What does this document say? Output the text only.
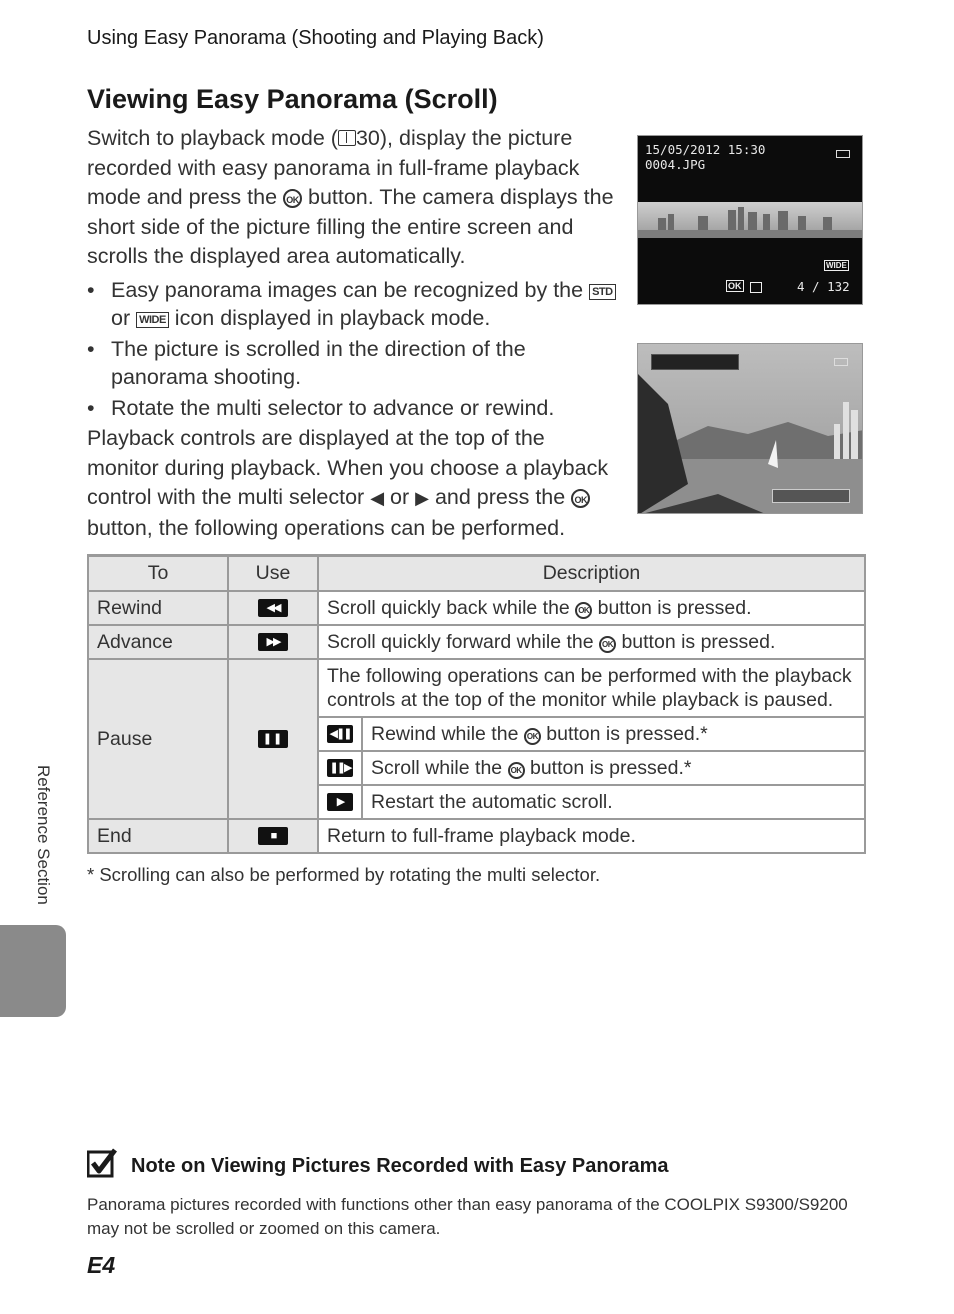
Using Easy Panorama (Shooting and Playing Back)
Viewing Easy Panorama (Scroll)

Switch to playback mode ( 30), display the picture recorded with easy panorama in full-frame playback mode and press the OK button. The camera displays the short side of the picture filling the entire screen and scrolls the displayed area automatically.

• Easy panorama images can be recognized by the STD
or WIDE icon displayed in playback mode.
• The picture is scrolled in the direction of the panorama shooting.
• Rotate the multi selector to advance or rewind.

Playback controls are displayed at the top of the monitor during playback. When you choose a playback control with the multi selector ◀ or ▶ and press the OK button, the following operations can be performed.

15/05/2012 15:30
0004.JPG
WIDE
OK	4 / 132
To	Use	Description	
Rewind	◀◀	Scroll quickly back while the OK button is pressed.	
Advance	▶▶	Scroll quickly forward while the OK button is pressed.	
Pause	❚❚	The following operations can be performed with the playback controls at the top of the monitor while playback is paused.	
		◀❚❚	Rewind while the OK button is pressed.*
		❚❚▶	Scroll while the OK button is pressed.*
		▶	Restart the automatic scroll.
End	■	Return to full-frame playback mode.	
* Scrolling can also be performed by rotating the multi selector.
Reference Section
Note on Viewing Pictures Recorded with Easy Panorama

Panorama pictures recorded with functions other than easy panorama of the COOLPIX S9300/S9200 may not be scrolled or zoomed on this camera.

E4
